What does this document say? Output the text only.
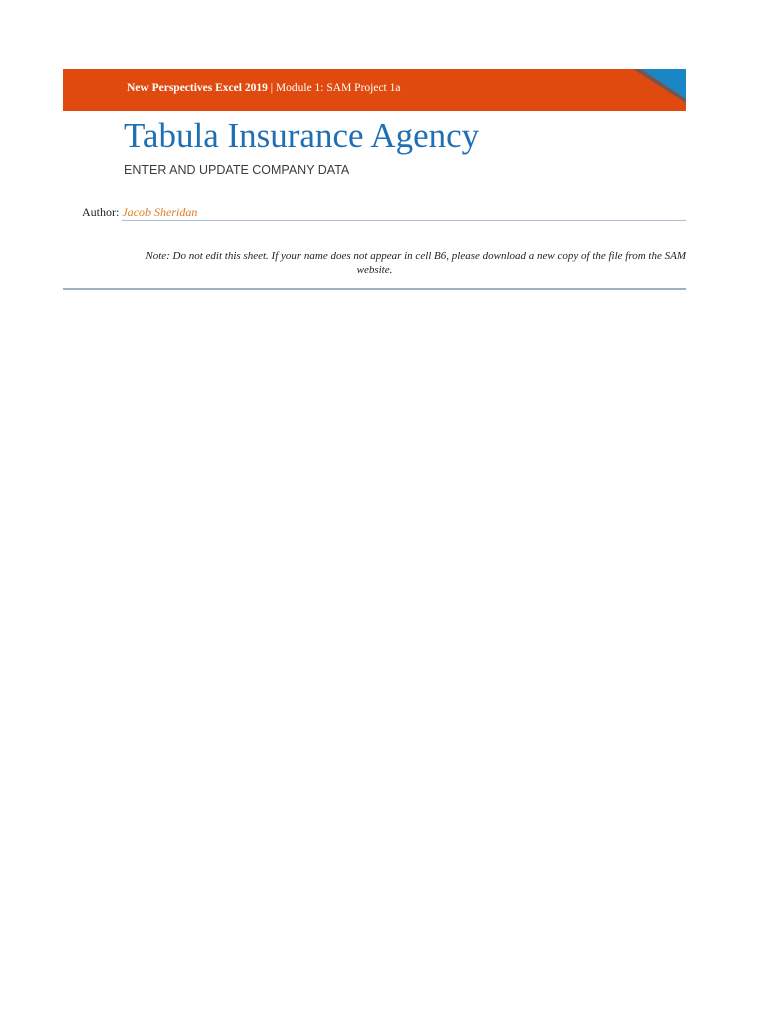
New Perspectives Excel 2019 | Module 1: SAM Project 1a
Tabula Insurance Agency
ENTER AND UPDATE COMPANY DATA
Author: Jacob Sheridan
Note: Do not edit this sheet. If your name does not appear in cell B6, please download a new copy of the file from the SAM
website.
